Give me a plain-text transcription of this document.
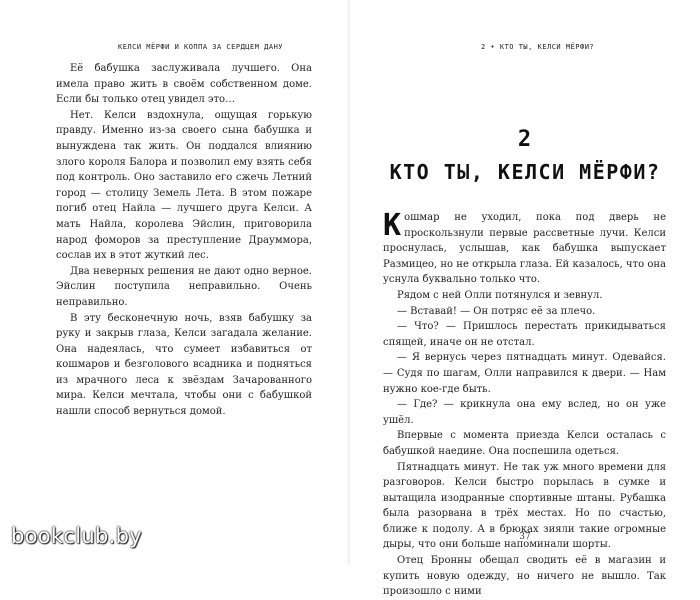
КЕЛСИ МЁРФИ И КОППА ЗА СЕРДЦЕМ ДАНУ

Её бабушка заслуживала лучшего. Она имела право жить в своём собственном доме. Если бы только отец увидел это…

Нет. Келси вздохнула, ощущая горькую правду. Именно из-за своего сына бабушка и вынуждена так жить. Он поддался влиянию злого короля Балора и позволил ему взять себя под контроль. Оно заставило его сжечь Летний город — столицу Земель Лета. В этом пожаре погиб отец Найла — лучшего друга Келси. А мать Найла, королева Эйслин, приговорила народ фоморов за преступление Драуммора, сослав их в этот жуткий лес.

Два неверных решения не дают одно верное. Эйслин поступила неправильно. Очень неправильно.

В эту бесконечную ночь, взяв бабушку за руку и закрыв глаза, Келси загадала желание. Она надеялась, что сумеет избавиться от кошмаров и безголового всадника и подняться из мрачного леса к звёздам Зачарованного мира. Келси мечтала, чтобы они с бабушкой нашли способ вернуться домой.

2 • КТО ТЫ, КЕЛСИ МЁРФИ?
2
КТО ТЫ, КЕЛСИ МЁРФИ?

Кошмар не уходил, пока под дверь не проскользнули первые рассветные лучи. Келси проснулась, услышав, как бабушка выпускает Размицео, но не открыла глаза. Ей казалось, что она уснула буквально только что.

Рядом с ней Олли потянулся и зевнул.

— Вставай! — Он потряс её за плечо.

— Что? — Пришлось перестать прикидываться спящей, иначе он не отстал.

— Я вернусь через пятнадцать минут. Одевайся. — Судя по шагам, Олли направился к двери. — Нам нужно кое-где быть.

— Где? — крикнула она ему вслед, но он уже ушёл.

Впервые с момента приезда Келси осталась с бабушкой наедине. Она поспешила одеться.

Пятнадцать минут. Не так уж много времени для разговоров. Келси быстро порылась в сумке и вытащила изодранные спортивные штаны. Рубашка была разорвана в трёх местах. Но по счастью, ближе к подолу. А в брюках зияли такие огромные дыры, что они больше напоминали шорты.

Отец Бронны обещал сводить её в магазин и купить новую одежду, но ничего не вышло. Так произошло с ними

37
bookclub.by
